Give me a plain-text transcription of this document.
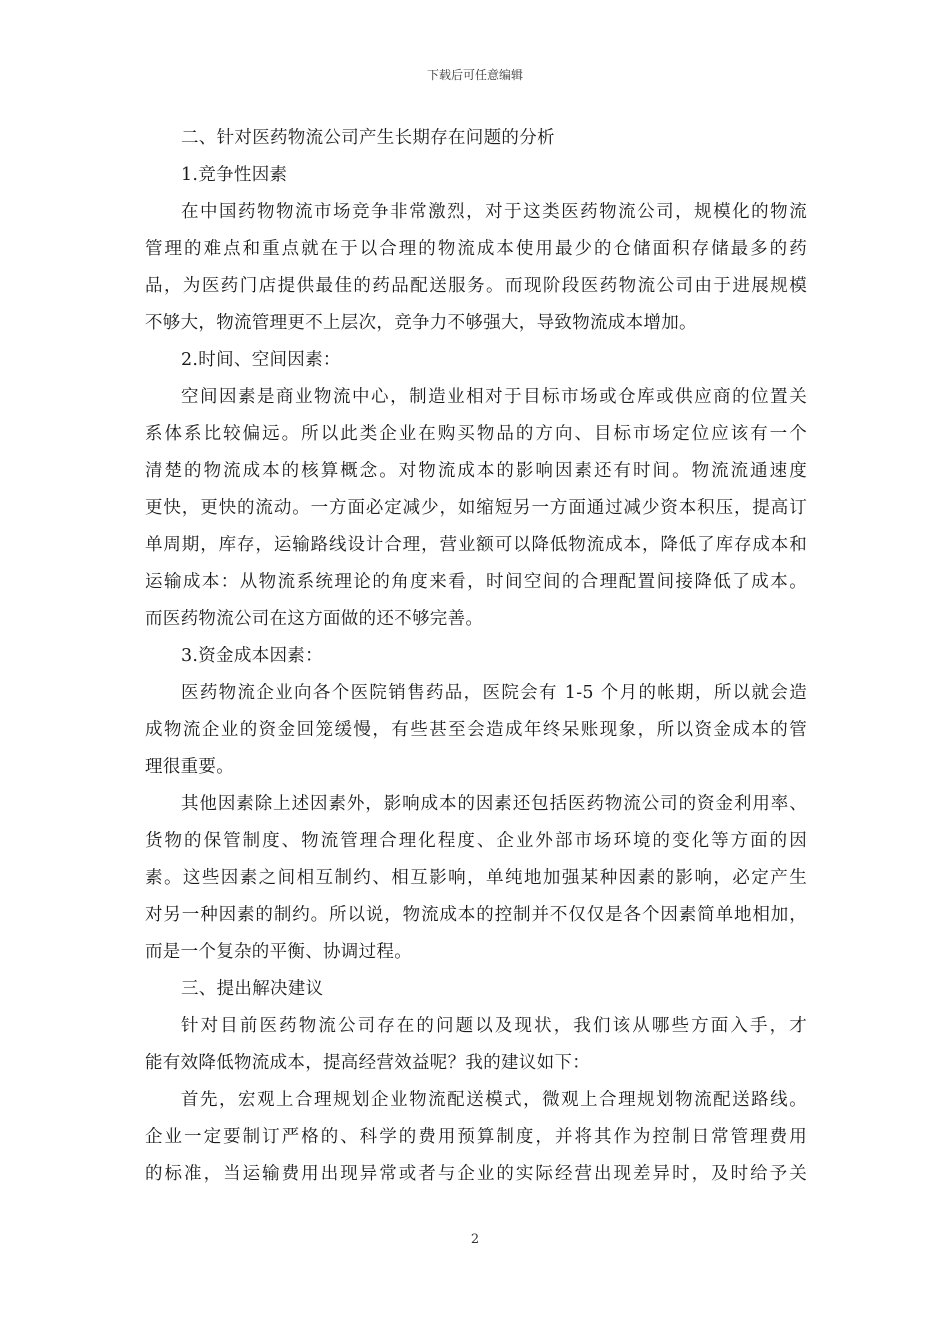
下载后可任意编辑
二、针对医药物流公司产生长期存在问题的分析
1.竞争性因素
在中国药物物流市场竞争非常激烈，对于这类医药物流公司，规模化的物流
管理的难点和重点就在于以合理的物流成本使用最少的仓储面积存储最多的药
品，为医药门店提供最佳的药品配送服务。而现阶段医药物流公司由于进展规模
不够大，物流管理更不上层次，竞争力不够强大，导致物流成本增加。
2.时间、空间因素：
空间因素是商业物流中心，制造业相对于目标市场或仓库或供应商的位置关
系体系比较偏远。所以此类企业在购买物品的方向、目标市场定位应该有一个
清楚的物流成本的核算概念。对物流成本的影响因素还有时间。物流流通速度
更快，更快的流动。一方面必定减少，如缩短另一方面通过减少资本积压，提高订
单周期，库存，运输路线设计合理，营业额可以降低物流成本，降低了库存成本和
运输成本：从物流系统理论的角度来看，时间空间的合理配置间接降低了成本。
而医药物流公司在这方面做的还不够完善。
3.资金成本因素：
医药物流企业向各个医院销售药品，医院会有 1-5 个月的帐期，所以就会造
成物流企业的资金回笼缓慢，有些甚至会造成年终呆账现象，所以资金成本的管
理很重要。
其他因素除上述因素外，影响成本的因素还包括医药物流公司的资金利用率、
货物的保管制度、物流管理合理化程度、企业外部市场环境的变化等方面的因
素。这些因素之间相互制约、相互影响，单纯地加强某种因素的影响，必定产生
对另一种因素的制约。所以说，物流成本的控制并不仅仅是各个因素简单地相加，
而是一个复杂的平衡、协调过程。
三、提出解决建议
针对目前医药物流公司存在的问题以及现状，我们该从哪些方面入手，才
能有效降低物流成本，提高经营效益呢？我的建议如下：
首先，宏观上合理规划企业物流配送模式，微观上合理规划物流配送路线。
企业一定要制订严格的、科学的费用预算制度，并将其作为控制日常管理费用
的标准，当运输费用出现异常或者与企业的实际经营出现差异时，及时给予关
2
